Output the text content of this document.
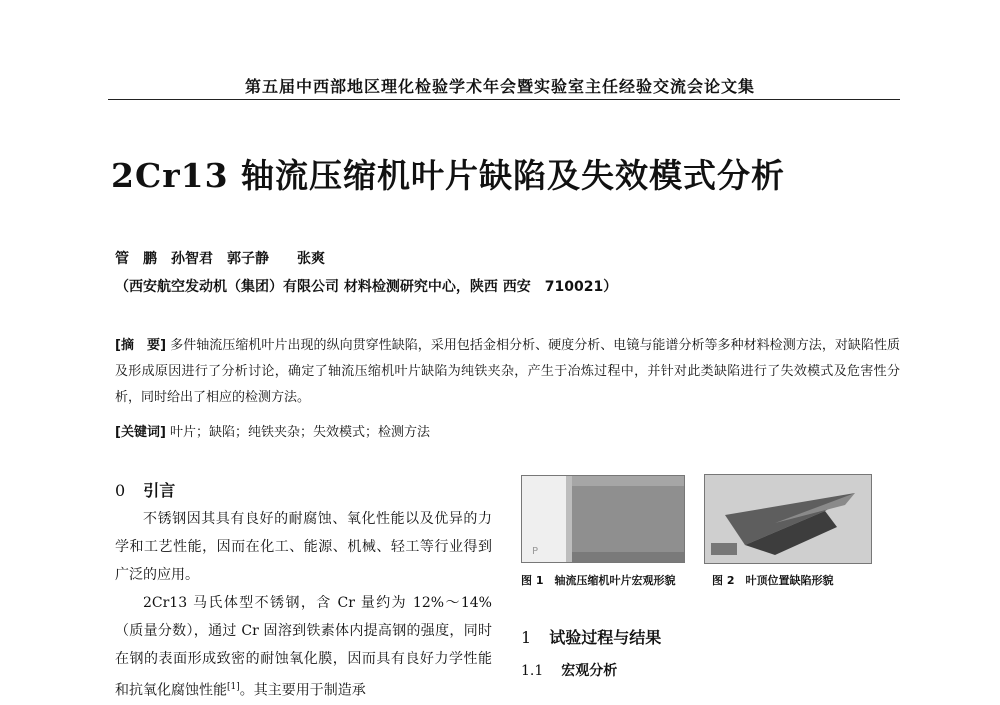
第五届中西部地区理化检验学术年会暨实验室主任经验交流会论文集
2Cr13 轴流压缩机叶片缺陷及失效模式分析
管　鹏　孙智君　郭子静　　张爽
（西安航空发动机（集团）有限公司 材料检测研究中心，陕西 西安　710021）
[摘　要] 多件轴流压缩机叶片出现的纵向贯穿性缺陷，采用包括金相分析、硬度分析、电镜与能谱分析等多种材料检测方法，对缺陷性质及形成原因进行了分析讨论，确定了轴流压缩机叶片缺陷为纯铁夹杂，产生于冶炼过程中，并针对此类缺陷进行了失效模式及危害性分析，同时给出了相应的检测方法。
[关键词] 叶片；缺陷；纯铁夹杂；失效模式；检测方法
0 引言

不锈钢因其具有良好的耐腐蚀、氧化性能以及优异的力学和工艺性能，因而在化工、能源、机械、轻工等行业得到广泛的应用。

2Cr13 马氏体型不锈钢，含 Cr 量约为 12%～14%（质量分数），通过 Cr 固溶到铁素体内提高钢的强度，同时在钢的表面形成致密的耐蚀氧化膜，因而具有良好力学性能和抗氧化腐蚀性能[1]。其主要用于制造承

P
图 1　轴流压缩机叶片宏观形貌	图 2　叶顶位置缺陷形貌
1 试验过程与结果
1.1 宏观分析
